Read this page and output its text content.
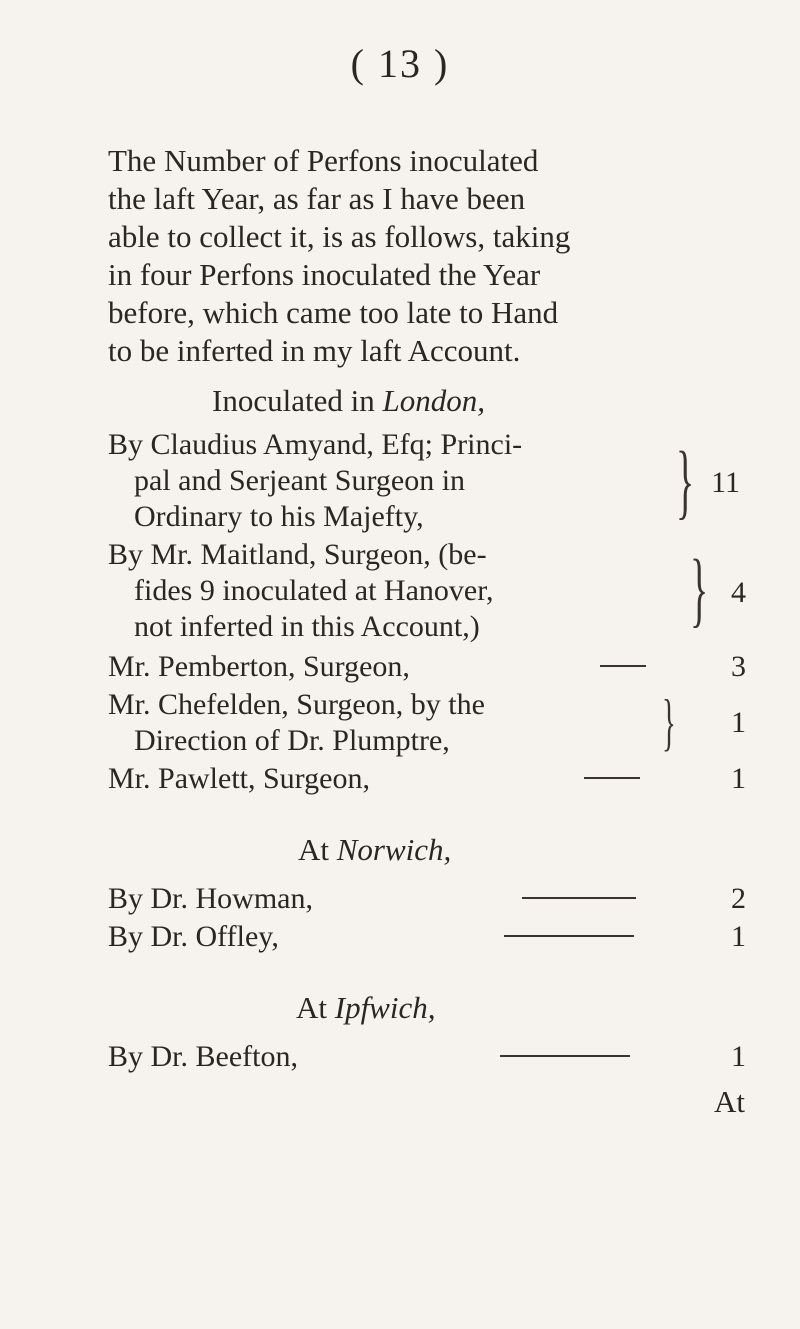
( 13 )
The Number of Perfons inoculated
the laft Year, as far as I have been
able to collect it, is as follows, taking
in four Perfons inoculated the Year
before, which came too late to Hand
to be inferted in my laft Account.
Inoculated in London,
By Claudius Amyand, Efq; Princi-
pal and Serjeant Surgeon in
Ordinary to his Majefty,	} 11
By Mr. Maitland, Surgeon, (be-
fides 9 inoculated at Hanover,
not inferted in this Account,)	} 4
Mr. Pemberton, Surgeon,	3
Mr. Chefelden, Surgeon, by the
Direction of Dr. Plumptre,	}	1
Mr. Pawlett, Surgeon,	1
At Norwich,
By Dr. Howman,	2
By Dr. Offley,	1
At Ipfwich,
By Dr. Beefton,	1
At
